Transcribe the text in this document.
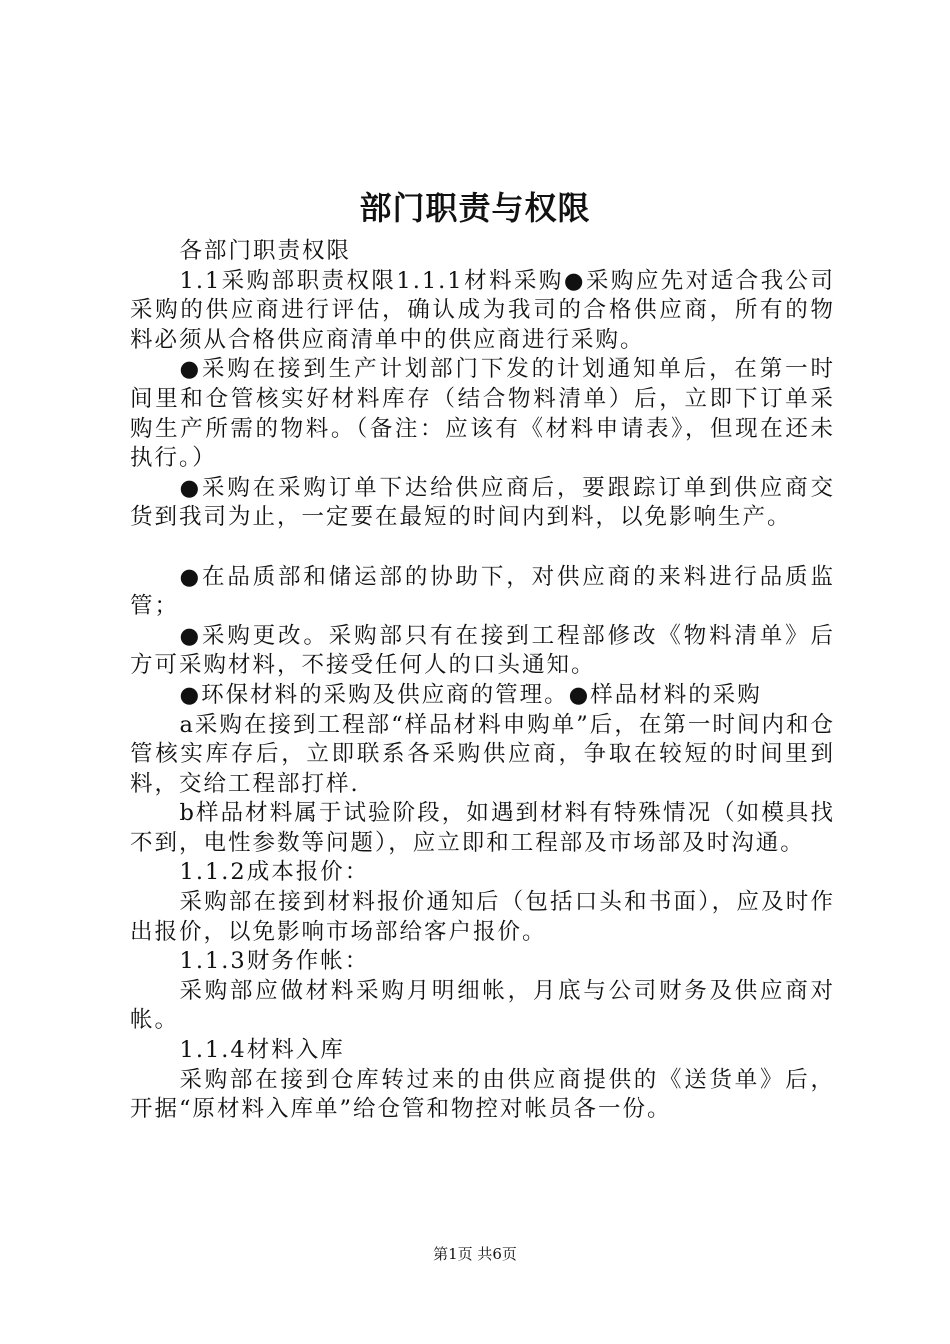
部门职责与权限

各部门职责权限

1.1采购部职责权限1.1.1材料采购●采购应先对适合我公司采购的供应商进行评估，确认成为我司的合格供应商，所有的物料必须从合格供应商清单中的供应商进行采购。

●采购在接到生产计划部门下发的计划通知单后，在第一时间里和仓管核实好材料库存（结合物料清单）后，立即下订单采购生产所需的物料。（备注：应该有《材料申请表》，但现在还未执行。）

●采购在采购订单下达给供应商后，要跟踪订单到供应商交货到我司为止，一定要在最短的时间内到料，以免影响生产。

●在品质部和储运部的协助下，对供应商的来料进行品质监管；

●采购更改。采购部只有在接到工程部修改《物料清单》后方可采购材料，不接受任何人的口头通知。

●环保材料的采购及供应商的管理。●样品材料的采购

a采购在接到工程部“样品材料申购单”后，在第一时间内和仓管核实库存后，立即联系各采购供应商，争取在较短的时间里到料，交给工程部打样.

b样品材料属于试验阶段，如遇到材料有特殊情况（如模具找不到，电性参数等问题），应立即和工程部及市场部及时沟通。

1.1.2成本报价：

采购部在接到材料报价通知后（包括口头和书面），应及时作出报价，以免影响市场部给客户报价。

1.1.3财务作帐：

采购部应做材料采购月明细帐，月底与公司财务及供应商对帐。

1.1.4材料入库

采购部在接到仓库转过来的由供应商提供的《送货单》后，开据“原材料入库单”给仓管和物控对帐员各一份。

第1页 共6页
